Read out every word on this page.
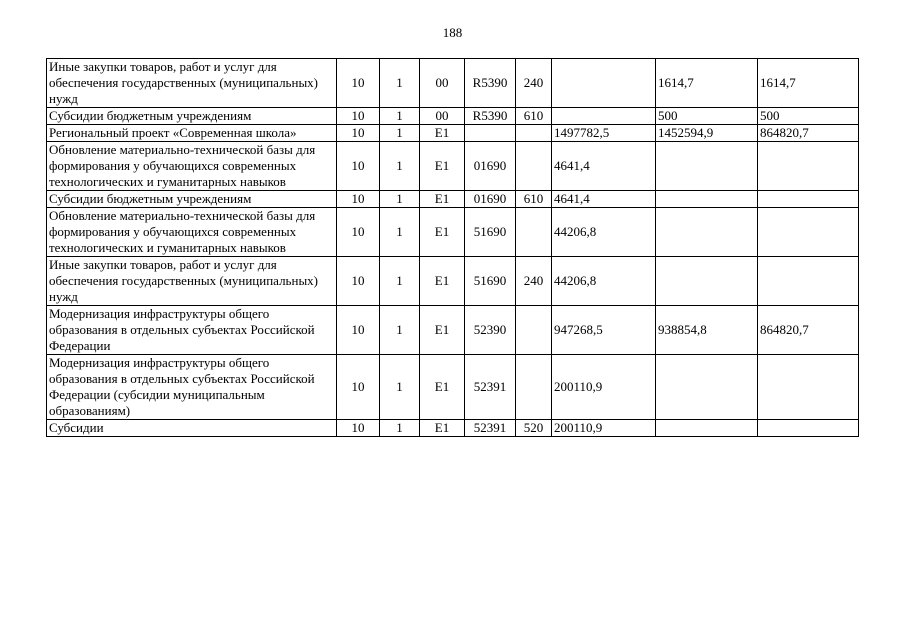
188
Иные закупки товаров, работ и услуг для обеспечения государственных (муниципальных) нужд	10	1	00	R5390	240		1614,7	1614,7
Субсидии бюджетным учреждениям	10	1	00	R5390	610		500	500
Региональный проект «Современная школа»	10	1	E1			1497782,5	1452594,9	864820,7
Обновление материально-технической базы для формирования у обучающихся современных технологических и гуманитарных навыков	10	1	E1	01690		4641,4		
Субсидии бюджетным учреждениям	10	1	E1	01690	610	4641,4		
Обновление материально-технической базы для формирования у обучающихся современных технологических и гуманитарных навыков	10	1	E1	51690		44206,8		
Иные закупки товаров, работ и услуг для обеспечения государственных (муниципальных) нужд	10	1	E1	51690	240	44206,8		
Модернизация инфраструктуры общего образования в отдельных субъектах Российской Федерации	10	1	E1	52390		947268,5	938854,8	864820,7
Модернизация инфраструктуры общего образования в отдельных субъектах Российской Федерации (субсидии муниципальным образованиям)	10	1	E1	52391		200110,9		
Субсидии	10	1	E1	52391	520	200110,9		
